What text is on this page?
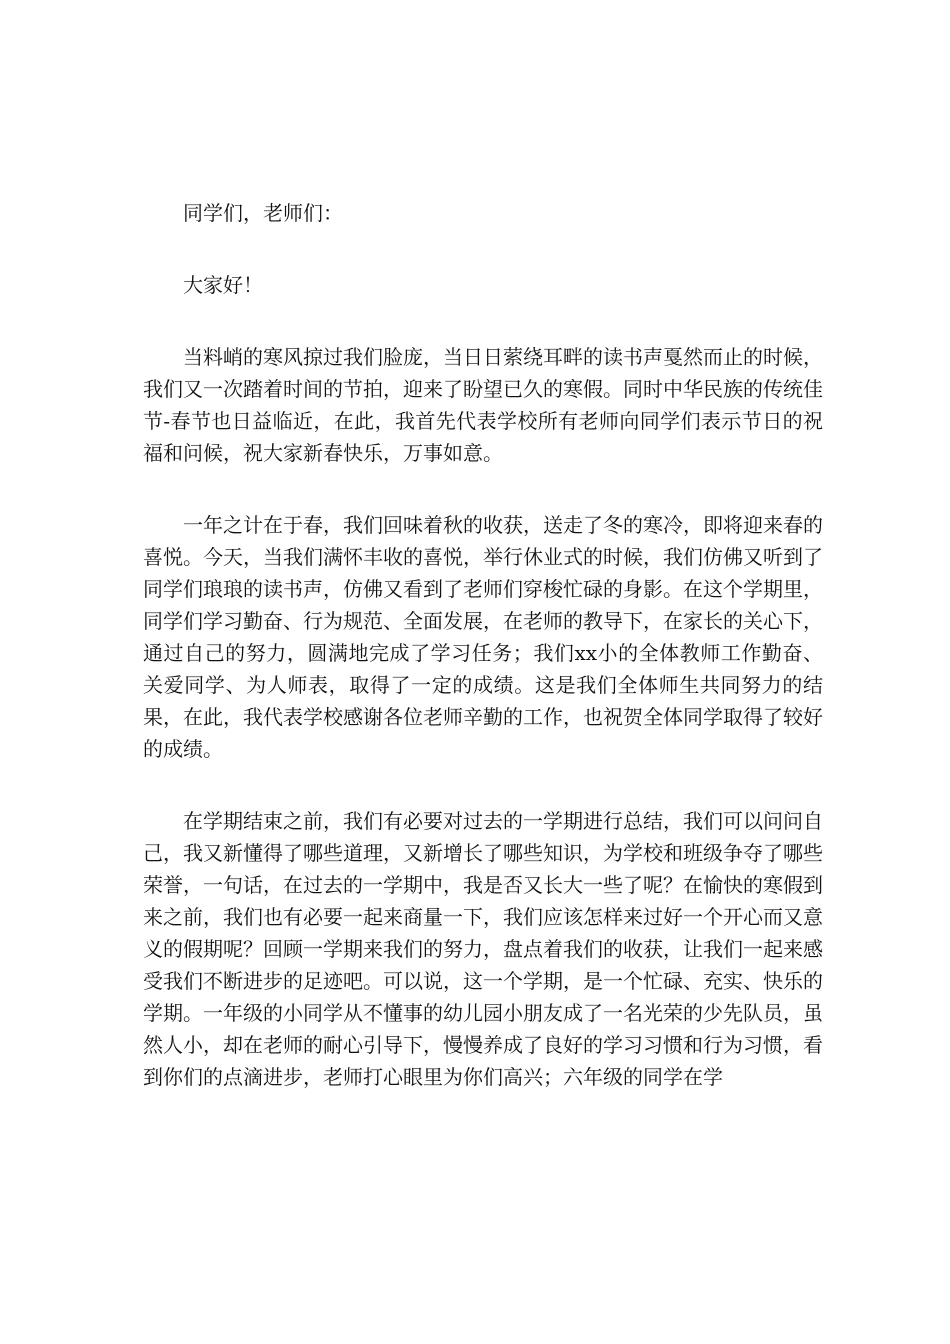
同学们，老师们：

大家好！

当料峭的寒风掠过我们脸庞，当日日萦绕耳畔的读书声戛然而止的时候，我们又一次踏着时间的节拍，迎来了盼望已久的寒假。同时中华民族的传统佳节-春节也日益临近，在此，我首先代表学校所有老师向同学们表示节日的祝福和问候，祝大家新春快乐，万事如意。

一年之计在于春，我们回味着秋的收获，送走了冬的寒冷，即将迎来春的喜悦。今天，当我们满怀丰收的喜悦，举行休业式的时候，我们仿佛又听到了同学们琅琅的读书声，仿佛又看到了老师们穿梭忙碌的身影。在这个学期里，同学们学习勤奋、行为规范、全面发展，在老师的教导下，在家长的关心下，通过自己的努力，圆满地完成了学习任务；我们xx小的全体教师工作勤奋、关爱同学、为人师表，取得了一定的成绩。这是我们全体师生共同努力的结果，在此，我代表学校感谢各位老师辛勤的工作，也祝贺全体同学取得了较好的成绩。

在学期结束之前，我们有必要对过去的一学期进行总结，我们可以问问自己，我又新懂得了哪些道理，又新增长了哪些知识，为学校和班级争夺了哪些荣誉，一句话，在过去的一学期中，我是否又长大一些了呢？在愉快的寒假到来之前，我们也有必要一起来商量一下，我们应该怎样来过好一个开心而又意义的假期呢？回顾一学期来我们的努力，盘点着我们的收获，让我们一起来感受我们不断进步的足迹吧。可以说，这一个学期，是一个忙碌、充实、快乐的学期。一年级的小同学从不懂事的幼儿园小朋友成了一名光荣的少先队员，虽然人小，却在老师的耐心引导下，慢慢养成了良好的学习习惯和行为习惯，看到你们的点滴进步，老师打心眼里为你们高兴；六年级的同学在学
